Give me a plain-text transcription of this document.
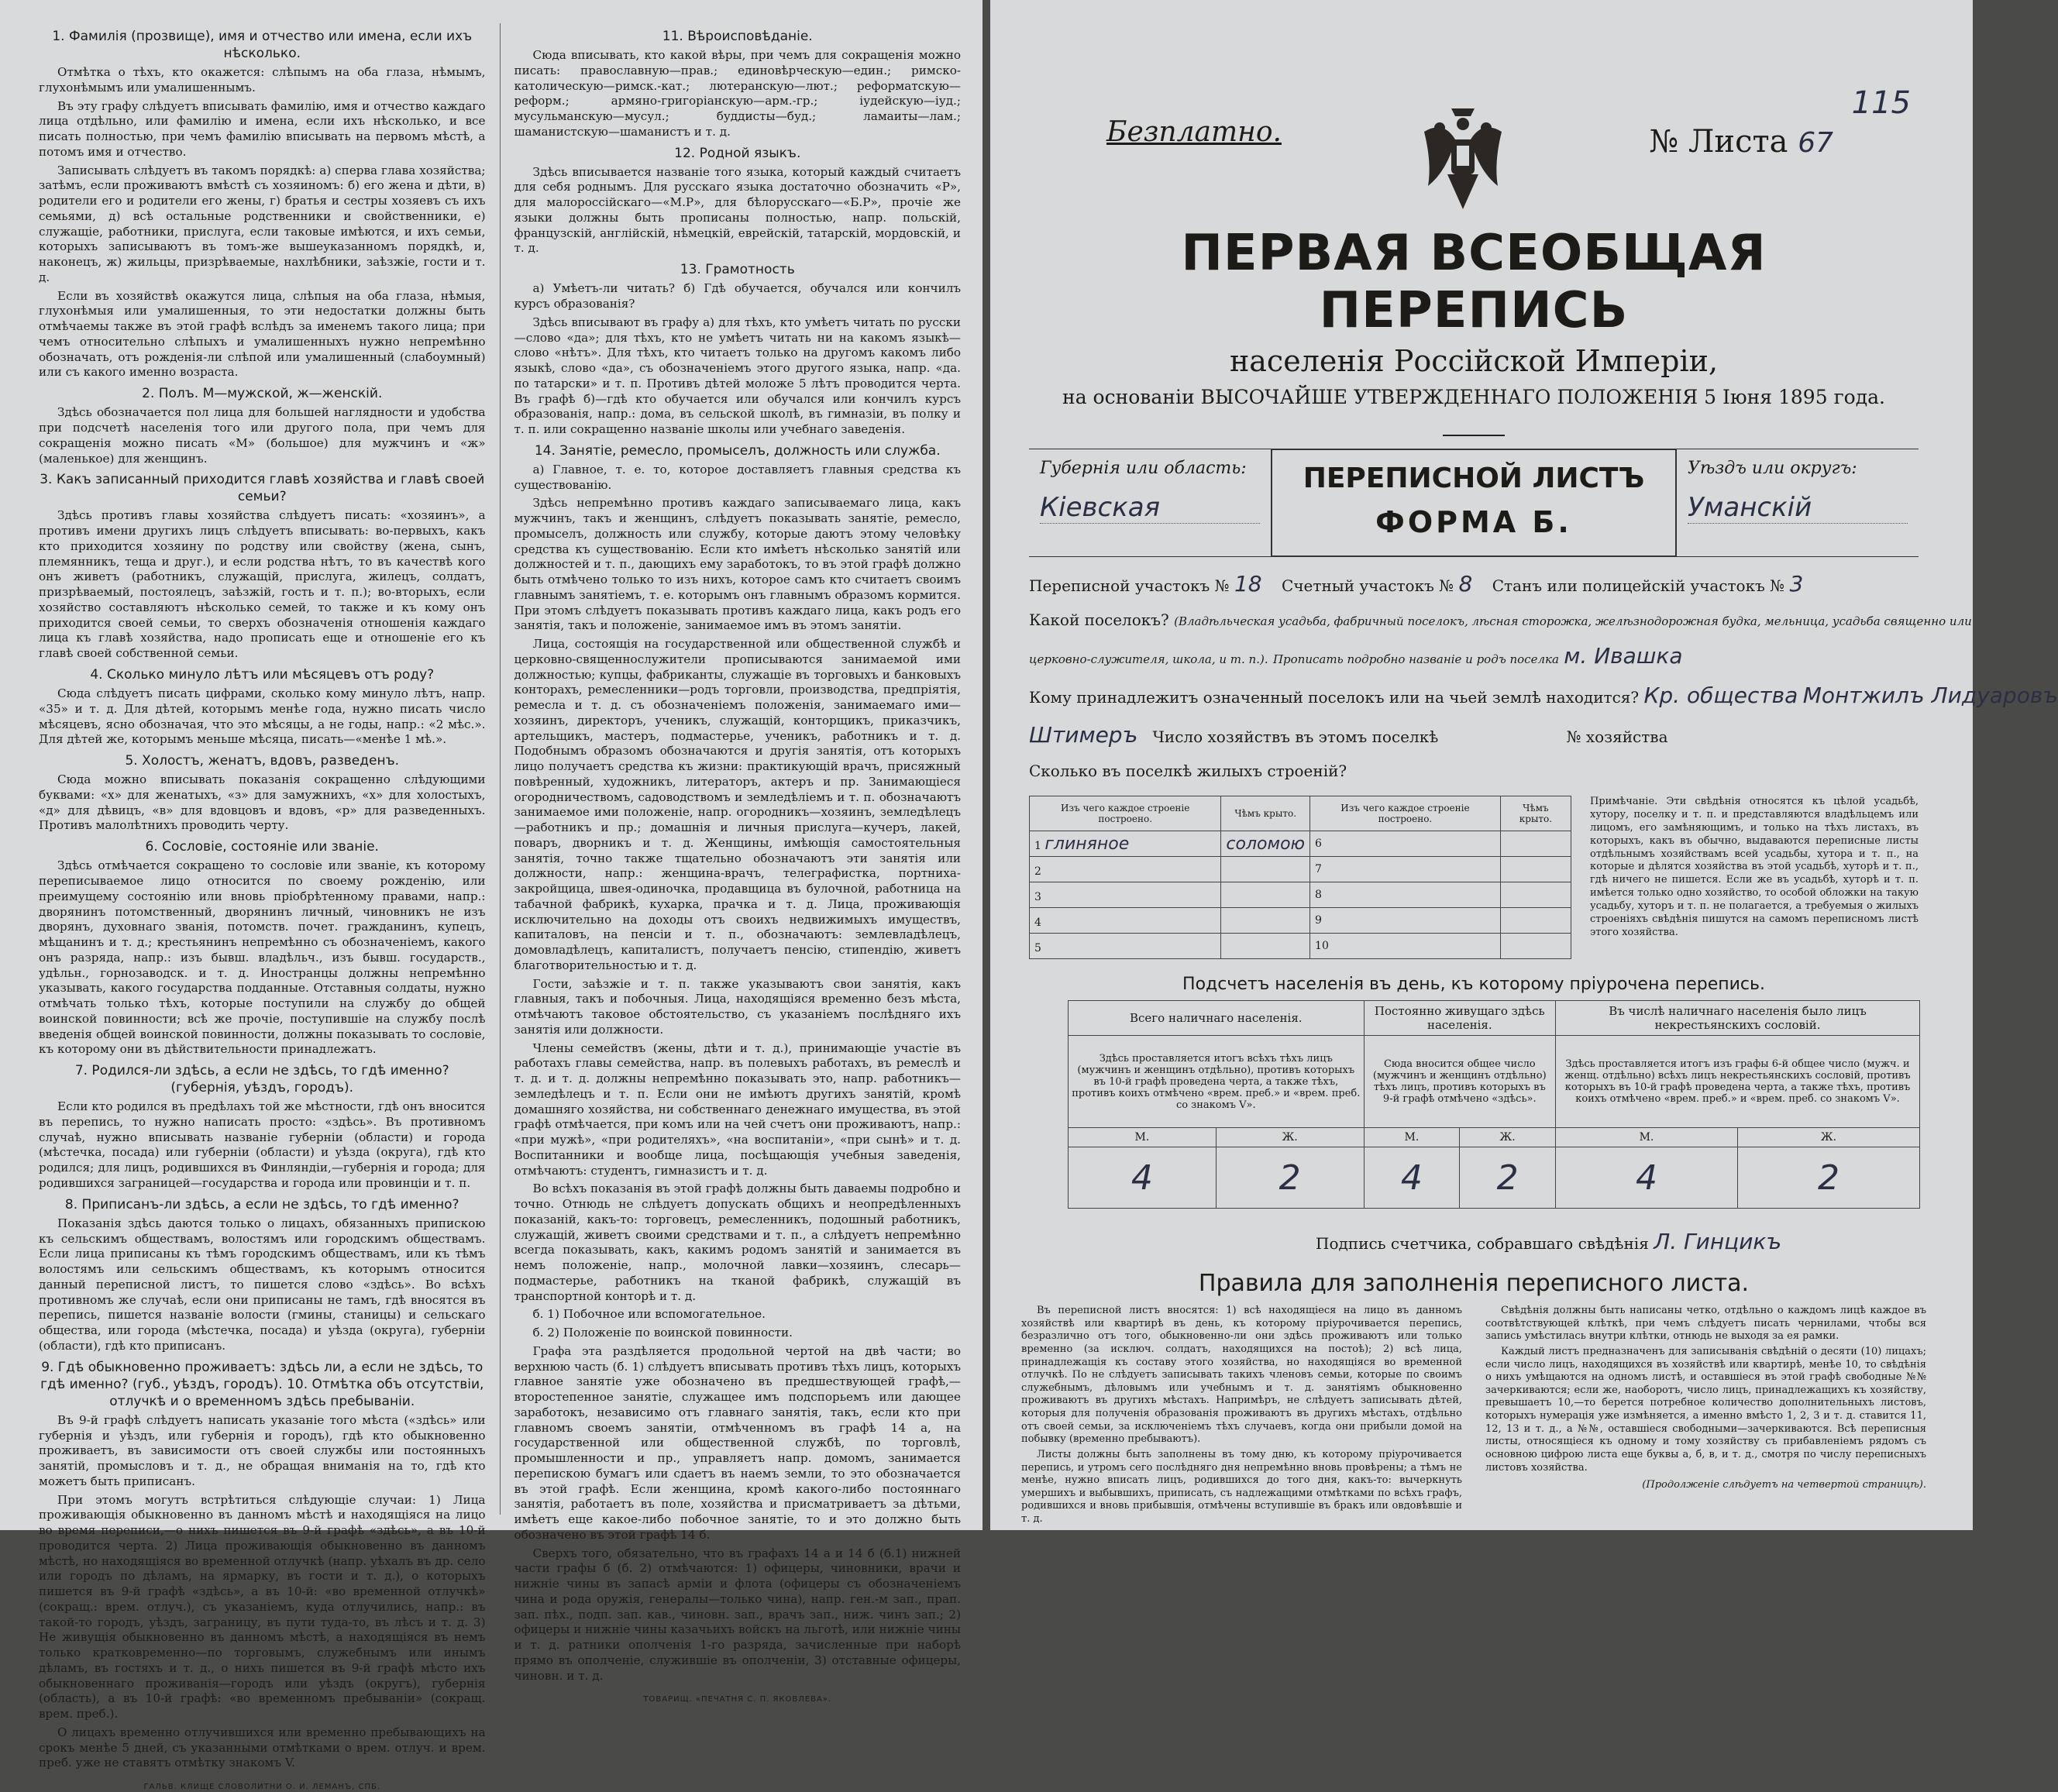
1. Фамилія (прозвище), имя и отчество или имена, если ихъ нѣсколько.

Отмѣтка о тѣхъ, кто окажется: слѣпымъ на оба глаза, нѣмымъ, глухонѣмымъ или умалишеннымъ.

Въ эту графу слѣдуетъ вписывать фамилію, имя и отчество каждаго лица отдѣльно, или фамилію и имена, если ихъ нѣсколько, и все писать полностью, при чемъ фамилію вписывать на первомъ мѣстѣ, а потомъ имя и отчество.

Записывать слѣдуетъ въ такомъ порядкѣ: а) сперва глава хозяйства; затѣмъ, если проживаютъ вмѣстѣ съ хозяиномъ: б) его жена и дѣти, в) родители его и родители его жены, г) братья и сестры хозяевъ съ ихъ семьями, д) всѣ остальные родственники и свойственники, е) служащіе, работники, прислуга, если таковые имѣются, и ихъ семьи, которыхъ записываютъ въ томъ-же вышеуказанномъ порядкѣ, и, наконецъ, ж) жильцы, призрѣваемые, нахлѣбники, заѣзжіе, гости и т. д.

Если въ хозяйствѣ окажутся лица, слѣпыя на оба глаза, нѣмыя, глухонѣмыя или умалишенныя, то эти недостатки должны быть отмѣчаемы также въ этой графѣ вслѣдъ за именемъ такого лица; при чемъ относительно слѣпыхъ и умалишенныхъ нужно непремѣнно обозначать, отъ рожденія-ли слѣпой или умалишенный (слабоумный) или съ какого именно возраста.

2. Полъ. М—мужской, ж—женскій.

Здѣсь обозначается пол лица для большей наглядности и удобства при подсчетѣ населенія того или другого пола, при чемъ для сокращенія можно писать «М» (большое) для мужчинъ и «ж» (маленькое) для женщинъ.

3. Какъ записанный приходится главѣ хозяйства и главѣ своей семьи?

Здѣсь противъ главы хозяйства слѣдуетъ писать: «хозяинъ», а противъ имени другихъ лицъ слѣдуетъ вписывать: во-первыхъ, какъ кто приходится хозяину по родству или свойству (жена, сынъ, племянникъ, теща и друг.), и если родства нѣтъ, то въ качествѣ кого онъ живетъ (работникъ, служащій, прислуга, жилецъ, солдатъ, призрѣваемый, постоялецъ, заѣзжій, гость и т. п.); во-вторыхъ, если хозяйство составляютъ нѣсколько семей, то также и къ кому онъ приходится своей семьи, то сверхъ обозначенія отношенія каждаго лица къ главѣ хозяйства, надо прописать еще и отношеніе его къ главѣ своей собственной семьи.

4. Сколько минуло лѣтъ или мѣсяцевъ отъ роду?

Сюда слѣдуетъ писать цифрами, сколько кому минуло лѣтъ, напр. «35» и т. д. Для дѣтей, которымъ менѣе года, нужно писать число мѣсяцевъ, ясно обозначая, что это мѣсяцы, а не годы, напр.: «2 мѣс.». Для дѣтей же, которымъ меньше мѣсяца, писать—«менѣе 1 мѣ.».

5. Холостъ, женатъ, вдовъ, разведенъ.

Сюда можно вписывать показанія сокращенно слѣдующими буквами: «х» для женатыхъ, «з» для замужнихъ, «х» для холостыхъ, «д» для дѣвицъ, «в» для вдовцовъ и вдовъ, «р» для разведенныхъ. Противъ малолѣтнихъ проводить черту.

6. Сословіе, состояніе или званіе.

Здѣсь отмѣчается сокращено то сословіе или званіе, къ которому переписываемое лицо относится по своему рожденію, или преимущему состоянію или вновь пріобрѣтенному правами, напр.: дворянинъ потомственный, дворянинъ личный, чиновникъ не изъ дворянъ, духовнаго званія, потомств. почет. гражданинъ, купецъ, мѣщанинъ и т. д.; крестьянинъ непремѣнно съ обозначеніемъ, какого онъ разряда, напр.: изъ бывш. владѣльч., изъ бывш. государств., удѣльн., горнозаводск. и т. д. Иностранцы должны непремѣнно указывать, какого государства подданные. Отставныя солдаты, нужно отмѣчать только тѣхъ, которые поступили на службу до общей воинской повинности; всѣ же прочіе, поступившіе на службу послѣ введенія общей воинской повинности, должны показывать то сословіе, къ которому они въ дѣйствительности принадлежатъ.

7. Родился-ли здѣсь, а если не здѣсь, то гдѣ именно? (губернія, уѣздъ, городъ).

Если кто родился въ предѣлахъ той же мѣстности, гдѣ онъ вносится въ перепись, то нужно написать просто: «здѣсь». Въ противномъ случаѣ, нужно вписывать названіе губерніи (области) и города (мѣстечка, посада) или губерніи (области) и уѣзда (округа), гдѣ кто родился; для лицъ, родившихся въ Финляндіи,—губернія и города; для родившихся заграницей—государства и города или провинціи и т. п.

8. Приписанъ-ли здѣсь, а если не здѣсь, то гдѣ именно?

Показанія здѣсь даются только о лицахъ, обязанныхъ припискою къ сельскимъ обществамъ, волостямъ или городскимъ обществамъ. Если лица приписаны къ тѣмъ городскимъ обществамъ, или къ тѣмъ волостямъ или сельскимъ обществамъ, къ которымъ относится данный переписной листъ, то пишется слово «здѣсь». Во всѣхъ противномъ же случаѣ, если они приписаны не тамъ, гдѣ вносятся въ перепись, пишется названіе волости (гмины, станицы) и сельскаго общества, или города (мѣстечка, посада) и уѣзда (округа), губерніи (области), гдѣ кто приписанъ.

9. Гдѣ обыкновенно проживаетъ: здѣсь ли, а если не здѣсь, то гдѣ именно? (губ., уѣздъ, городъ). 10. Отмѣтка объ отсутствіи, отлучкѣ и о временномъ здѣсь пребываніи.

Въ 9-й графѣ слѣдуетъ написать указаніе того мѣста («здѣсь» или губернія и уѣздъ, или губернія и городъ), гдѣ кто обыкновенно проживаетъ, въ зависимости отъ своей службы или постоянныхъ занятій, промысловъ и т. д., не обращая вниманія на то, гдѣ кто можетъ быть приписанъ.

При этомъ могутъ встрѣтиться слѣдующіе случаи: 1) Лица проживающія обыкновенно въ данномъ мѣстѣ и находящіяся на лицо во время переписи,—о нихъ пишется въ 9-й графѣ «здѣсь», а въ 10-й проводится черта. 2) Лица проживающія обыкновенно въ данномъ мѣстѣ, но находящіяся во временной отлучкѣ (напр. уѣхалъ въ др. село или городъ по дѣламъ, на ярмарку, въ гости и т. д.), о которыхъ пишется въ 9-й графѣ «здѣсь», а въ 10-й: «во временной отлучкѣ» (сокращ.: врем. отлуч.), съ указаніемъ, куда отлучились, напр.: въ такой-то городъ, уѣздъ, заграницу, въ пути туда-то, въ лѣсъ и т. д. 3) Не живущія обыкновенно въ данномъ мѣстѣ, а находящіяся въ немъ только кратковременно—по торговымъ, служебнымъ или инымъ дѣламъ, въ гостяхъ и т. д., о нихъ пишется въ 9-й графѣ мѣсто ихъ обыкновеннаго проживанія—городъ или уѣздъ (округъ), губернія (область), а въ 10-й графѣ: «во временномъ пребываніи» (сокращ. врем. преб.).

О лицахъ временно отлучившихся или временно пребывающихъ на срокъ менѣе 5 дней, съ указанными отмѣтками о врем. отлуч. и врем. преб. уже не ставятъ отмѣтку знакомъ V.

ГАЛЬВ. КЛИЩЕ СЛОВОЛИТНИ О. И. ЛЕМАНЪ, СПБ.
11. Вѣроисповѣданіе.

Сюда вписывать, кто какой вѣры, при чемъ для сокращенія можно писать: православную—прав.; единовѣрческую—един.; римско-католическую—римск.-кат.; лютеранскую—лют.; реформатскую—реформ.; армяно-григоріанскую—арм.-гр.; іудейскую—іуд.; мусульманскую—мусул.; буддисты—буд.; ламаиты—лам.; шаманистскую—шаманистъ и т. д.

12. Родной языкъ.

Здѣсь вписывается названіе того языка, который каждый считаетъ для себя роднымъ. Для русскаго языка достаточно обозначить «Р», для малороссійскаго—«М.Р», для бѣлорусскаго—«Б.Р», прочіе же языки должны быть прописаны полностью, напр. польскій, французскій, англійскій, нѣмецкій, еврейскій, татарскій, мордовскій, и т. д.

13. Грамотность

а) Умѣетъ-ли читать? б) Гдѣ обучается, обучался или кончилъ курсъ образованія?

Здѣсь вписывают въ графу а) для тѣхъ, кто умѣетъ читать по русски—слово «да»; для тѣхъ, кто не умѣетъ читать ни на какомъ языкѣ—слово «нѣтъ». Для тѣхъ, кто читаетъ только на другомъ какомъ либо языкѣ, слово «да», съ обозначеніемъ этого другого языка, напр. «да. по татарски» и т. п. Противъ дѣтей моложе 5 лѣтъ проводится черта. Въ графѣ б)—гдѣ кто обучается или обучался или кончилъ курсъ образованія, напр.: дома, въ сельской школѣ, въ гимназіи, въ полку и т. п. или сокращенно названіе школы или учебнаго заведенія.

14. Занятіе, ремесло, промыселъ, должность или служба.

а) Главное, т. е. то, которое доставляетъ главныя средства къ существованію.

Здѣсь непремѣнно противъ каждаго записываемаго лица, какъ мужчинъ, такъ и женщинъ, слѣдуетъ показывать занятіе, ремесло, промыселъ, должность или службу, которые даютъ этому человѣку средства къ существованію. Если кто имѣетъ нѣсколько занятій или должностей и т. п., дающихъ ему заработокъ, то въ этой графѣ должно быть отмѣчено только то изъ нихъ, которое самъ кто считаетъ своимъ главнымъ занятіемъ, т. е. которымъ онъ главнымъ образомъ кормится. При этомъ слѣдуетъ показывать противъ каждаго лица, какъ родъ его занятія, такъ и положеніе, занимаемое имъ въ этомъ занятіи.

Лица, состоящія на государственной или общественной службѣ и церковно-священнослужители прописываются занимаемой ими должностью; купцы, фабриканты, служащіе въ торговыхъ и банковыхъ конторахъ, ремесленники—родъ торговли, производства, предпріятія, ремесла и т. д. съ обозначеніемъ положенія, занимаемаго ими—хозяинъ, директоръ, ученикъ, служащій, конторщикъ, приказчикъ, артельщикъ, мастеръ, подмастерье, ученикъ, работникъ и т. д. Подобнымъ образомъ обозначаются и другія занятія, отъ которыхъ лицо получаетъ средства къ жизни: практикующій врачъ, присяжный повѣренный, художникъ, литераторъ, актеръ и пр. Занимающіеся огородничествомъ, садоводствомъ и земледѣліемъ и т. п. обозначаютъ занимаемое ими положеніе, напр. огородникъ—хозяинъ, земледѣлецъ—работникъ и пр.; домашнія и личныя прислуга—кучеръ, лакей, поваръ, дворникъ и т. д. Женщины, имѣющія самостоятельныя занятія, точно также тщательно обозначаютъ эти занятія или должности, напр.: женщина-врачъ, телеграфистка, портниха-закройщица, швея-одиночка, продавщица въ булочной, работница на табачной фабрикѣ, кухарка, прачка и т. д. Лица, проживающія исключительно на доходы отъ своихъ недвижимыхъ имуществъ, капиталовъ, на пенсіи и т. п., обозначаютъ: землевладѣлецъ, домовладѣлецъ, капиталистъ, получаетъ пенсію, стипендію, живетъ благотворительностью и т. д.

Гости, заѣзжіе и т. п. также указываютъ свои занятія, какъ главныя, такъ и побочныя. Лица, находящіяся временно безъ мѣста, отмѣчаютъ таковое обстоятельство, съ указаніемъ послѣдняго ихъ занятія или должности.

Члены семействъ (жены, дѣти и т. д.), принимающіе участіе въ работахъ главы семейства, напр. въ полевыхъ работахъ, въ ремеслѣ и т. д. и т. д. должны непремѣнно показывать это, напр. работникъ—земледѣлецъ и т. п. Если они не имѣютъ другихъ занятій, кромѣ домашняго хозяйства, ни собственнаго денежнаго имущества, въ этой графѣ отмѣчается, при комъ или на чей счетъ они проживаютъ, напр.: «при мужѣ», «при родителяхъ», «на воспитаніи», «при сынѣ» и т. д. Воспитанники и вообще лица, посѣщающія учебныя заведенія, отмѣчаютъ: студентъ, гимназистъ и т. д.

Во всѣхъ показанія въ этой графѣ должны быть даваемы подробно и точно. Отнюдь не слѣдуетъ допускать общихъ и неопредѣленныхъ показаній, какъ-то: торговецъ, ремесленникъ, подошный работникъ, служащій, живетъ своими средствами и т. п., а слѣдуетъ непремѣнно всегда показывать, какъ, какимъ родомъ занятій и занимается въ немъ положеніе, напр., молочной лавки—хозяинъ, слесарь—подмастерье, работникъ на тканой фабрикѣ, служащій въ транспортной конторѣ и т. д.

б. 1) Побочное или вспомогательное.

б. 2) Положеніе по воинской повинности.

Графа эта раздѣляется продольной чертой на двѣ части; во верхнюю часть (б. 1) слѣдуетъ вписывать противъ тѣхъ лицъ, которыхъ главное занятіе уже обозначено въ предшествующей графѣ,—второстепенное занятіе, служащее имъ подспорьемъ или дающее заработокъ, независимо отъ главнаго занятія, такъ, если кто при главномъ своемъ занятіи, отмѣченномъ въ графѣ 14 а, на государственной или общественной службѣ, по торговлѣ, промышленности и пр., управляетъ напр. домомъ, занимается перепискою бумагъ или сдаетъ въ наемъ земли, то это обозначается въ этой графѣ. Если женщина, кромѣ какого-либо постояннаго занятія, работаетъ въ поле, хозяйства и присматриваетъ за дѣтьми, имѣетъ еще какое-либо побочное занятіе, то и это должно быть обозначено въ этой графѣ 14 б.

Сверхъ того, обязательно, что въ графахъ 14 а и 14 б (б.1) нижней части графы б (б. 2) отмѣчаются: 1) офицеры, чиновники, врачи и нижніе чины въ запасѣ арміи и флота (офицеры съ обозначеніемъ чина и рода оружія, генералы—только чина), напр. ген.-м зап., прап. зап. пѣх., подп. зап. кав., чиновн. зап., врачъ зап., ниж. чинъ зап.; 2) офицеры и нижніе чины казачьихъ войскъ на льготѣ, или нижніе чины и т. д. ратники ополченія 1-го разряда, зачисленные при наборѣ прямо въ ополченіе, служившіе въ ополченіи, 3) отставные офицеры, чиновн. и т. д.

ТОВАРИЩ. «ПЕЧАТНЯ С. П. ЯКОВЛЕВА».
Безплатно.	№ Листа 67
115
ПЕРВАЯ ВСЕОБЩАЯ ПЕРЕПИСЬ
населенія Россійской Имперіи,
на основаніи ВЫСОЧАЙШЕ УТВЕРЖДЕННАГО ПОЛОЖЕНІЯ 5 Іюня 1895 года.
Губернія или область:
Кіевская
ПЕРЕПИСНОЙ ЛИСТЪ
ФОРМА Б.
Уѣздъ или округъ:
Уманскій
Переписной участокъ № 18 Счетный участокъ № 8 Станъ или полицейскій участокъ № 3
Какой поселокъ? (Владѣльческая усадьба, фабричный поселокъ, лѣсная сторожка, желѣзнодорожная будка, мельница, усадьба священно или
церковно-служителя, школа, и т. п.). Прописать подробно названіе и родъ поселка м. Ивашка
Кому принадлежитъ означенный поселокъ или на чьей землѣ находится? Кр. общества Монтжилъ Лидуаровъ
Штимеръ Число хозяйствъ въ этомъ поселкѣ	№ хозяйства
Сколько въ поселкѣ жилыхъ строеній?
Изъ чего каждое строеніе построено.	Чѣмъ крыто.	Изъ чего каждое строеніе построено.	Чѣмъ крыто.
1 глиняное	соломою	6	
2		7	
3		8	
4		9	
5		10	
Примѣчаніе. Эти свѣдѣнія относятся къ цѣлой усадьбѣ, хутору, поселку и т. п. и представляются владѣльцемъ или лицомъ, его замѣняющимъ, и только на тѣхъ листахъ, въ которыхъ, какъ въ обычно, выдаваются переписные листы отдѣльнымъ хозяйствамъ всей усадьбы, хутора и т. п., на которые и дѣлятся хозяйства въ этой усадьбѣ, хуторѣ и т. п., гдѣ ничего не пишется. Если же въ усадьбѣ, хуторѣ и т. п. имѣется только одно хозяйство, то особой обложки на такую усадьбу, хуторъ и т. п. не полагается, а требуемыя о жилыхъ строеніяхъ свѣдѣнія пишутся на самомъ переписномъ листѣ этого хозяйства.
Подсчетъ населенія въ день, къ которому пріурочена перепись.
Всего наличнаго населенія.		Постоянно живущаго здѣсь населенія.		Въ числѣ наличнаго населенія было лицъ некрестьянскихъ сословій.	
Здѣсь проставляется итогъ всѣхъ тѣхъ лицъ (мужчинъ и женщинъ отдѣльно), противъ которыхъ въ 10-й графѣ проведена черта, а также тѣхъ, противъ коихъ отмѣчено «врем. преб.» и «врем. преб. со знакомъ V».		Сюда вносится общее число (мужчинъ и женщинъ отдѣльно) тѣхъ лицъ, противъ которыхъ въ 9-й графѣ отмѣчено «здѣсь».		Здѣсь проставляется итогъ изъ графы 6-й общее число (мужч. и женщ. отдѣльно) всѣхъ лицъ некрестьянскихъ сословій, противъ которыхъ въ 10-й графѣ проведена черта, а также тѣхъ, противъ коихъ отмѣчено «врем. преб.» и «врем. преб. со знакомъ V».	
М.	Ж.	М.	Ж.	М.	Ж.
4	2	4	2	4	2
Подпись счетчика, собравшаго свѣдѣнія Л. Гинцикъ
Правила для заполненія переписного листа.

Въ переписной листъ вносятся: 1) всѣ находящіеся на лицо въ данномъ хозяйствѣ или квартирѣ въ день, къ которому пріурочивается перепись, безразлично отъ того, обыкновенно-ли они здѣсь проживаютъ или только временно (за исключ. солдатъ, находящихся на постоѣ); 2) всѣ лица, принадлежащія къ составу этого хозяйства, но находящіяся во временной отлучкѣ. По не слѣдуетъ записывать такихъ членовъ семьи, которые по своимъ служебнымъ, дѣловымъ или учебнымъ и т. д. занятіямъ обыкновенно проживаютъ въ другихъ мѣстахъ. Напримѣръ, не слѣдуетъ записывать дѣтей, которыя для полученія образованія проживаютъ въ другихъ мѣстахъ, отдѣльно отъ своей семьи, за исключеніемъ тѣхъ случаевъ, когда они прибыли домой на побывку (временно пребываютъ).

Листы должны быть заполнены въ тому дню, къ которому пріурочивается перепись, и утромъ сего послѣдняго дня непремѣнно вновь провѣрены; а тѣмъ не менѣе, нужно вписать лицъ, родившихся до того дня, какъ-то: вычеркнуть умершихъ и выбывшихъ, приписать, съ надлежащими отмѣтками по всѣхъ графъ, родившихся и вновь прибывшія, отмѣчены вступившіе въ бракъ или овдовѣвшіе и т. д.

Свѣдѣнія должны быть написаны четко, отдѣльно о каждомъ лицѣ каждое въ соотвѣтствующей клѣткѣ, при чемъ слѣдуетъ писать чернилами, чтобы вся запись умѣстилась внутри клѣтки, отнюдь не выходя за ея рамки.

Каждый листъ предназначенъ для записыванія свѣдѣній о десяти (10) лицахъ; если число лицъ, находящихся въ хозяйствѣ или квартирѣ, менѣе 10, то свѣдѣнія о нихъ умѣщаются на одномъ листѣ, и оставшіеся въ этой графѣ свободные №№ зачеркиваются; если же, наоборотъ, число лицъ, принадлежащихъ къ хозяйству, превышаетъ 10,—то берется потребное количество дополнительныхъ листовъ, которыхъ нумерація уже измѣняется, а именно вмѣсто 1, 2, 3 и т. д. ставится 11, 12, 13 и т. д., а №№, оставшіеся свободными—зачеркиваются. Всѣ переписныя листы, относящіеся къ одному и тому хозяйству съ прибавленіемъ рядомъ съ основною цифрою листа еще буквы а, б, в, и т. д., смотря по числу переписныхъ листовъ хозяйства.

(Продолженіе слѣдуетъ на четвертой страницѣ).
